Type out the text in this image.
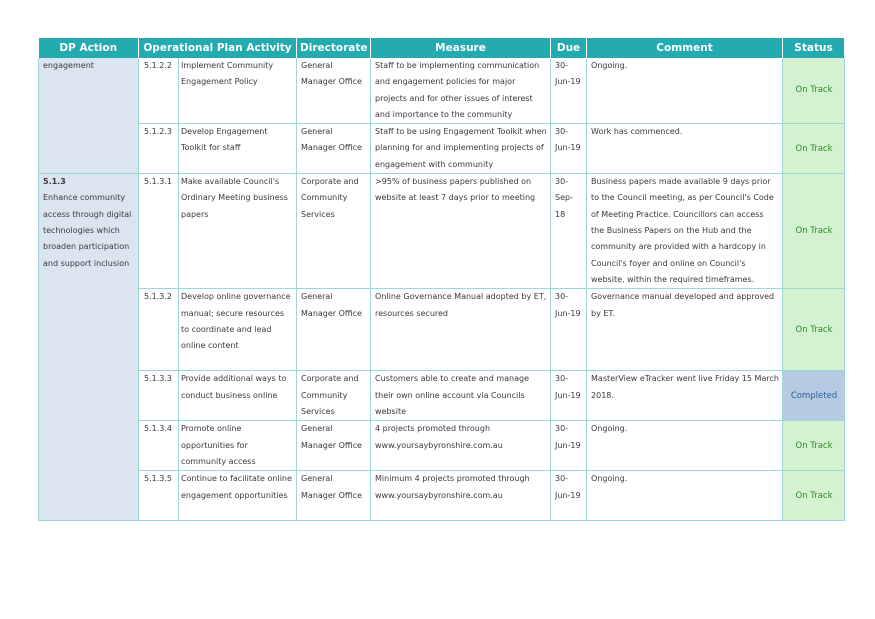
DP Action	Operational Plan Activity		Directorate	Measure	Due	Comment	Status
engagement	5.1.2.2	Implement Community Engagement Policy	General Manager Office	Staff to be implementing communication and engagement policies for major projects and for other issues of interest and importance to the community	30-Jun-19	Ongoing.	On Track
	5.1.2.3	Develop Engagement Toolkit for staff	General Manager Office	Staff to be using Engagement Toolkit when planning for and implementing projects of engagement with community	30-Jun-19	Work has commenced.	On Track

5.1.3
Enhance community access through digital technologies which broaden participation and support inclusion	5.1.3.1	Make available Council's Ordinary Meeting business papers	Corporate and Community Services	>95% of business papers published on website at least 7 days prior to meeting	30-Sep-18	Business papers made available 9 days prior to the Council meeting, as per Council's Code of Meeting Practice. Councillors can access the Business Papers on the Hub and the community are provided with a hardcopy in Council's foyer and online on Council's website, within the required timeframes.	On Track
	5.1.3.2	Develop online governance manual; secure resources to coordinate and lead online content	General Manager Office	Online Governance Manual adopted by ET, resources secured	30-Jun-19	Governance manual developed and approved by ET.	On Track
	5.1.3.3	Provide additional ways to conduct business online	Corporate and Community Services	Customers able to create and manage their own online account via Councils website	30-Jun-19	MasterView eTracker went live Friday 15 March 2018.	Completed
	5.1.3.4	Promote online opportunities for community access	General Manager Office	4 projects promoted through www.yoursaybyronshire.com.au	30-Jun-19	Ongoing.	On Track
	5.1.3.5	Continue to facilitate online engagement opportunities	General Manager Office	Minimum 4 projects promoted through www.yoursaybyronshire.com.au	30-Jun-19	Ongoing.	On Track
